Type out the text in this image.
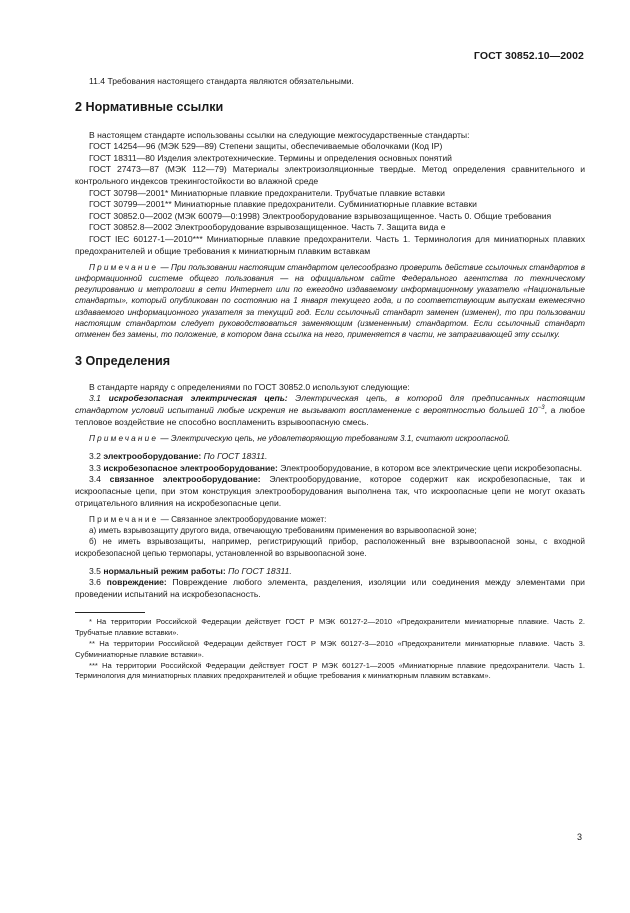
ГОСТ 30852.10—2002
11.4 Требования настоящего стандарта являются обязательными.
2 Нормативные ссылки
В настоящем стандарте использованы ссылки на следующие межгосударственные стандарты:
ГОСТ 14254—96 (МЭК 529—89) Степени защиты, обеспечиваемые оболочками (Код IP)
ГОСТ 18311—80 Изделия электротехнические. Термины и определения основных понятий
ГОСТ 27473—87 (МЭК 112—79) Материалы электроизоляционные твердые. Метод определения сравнительного и контрольного индексов трекингостойкости во влажной среде
ГОСТ 30798—2001* Миниатюрные плавкие предохранители. Трубчатые плавкие вставки
ГОСТ 30799—2001** Миниатюрные плавкие предохранители. Субминиатюрные плавкие вставки
ГОСТ 30852.0—2002 (МЭК 60079—0:1998) Электрооборудование взрывозащищенное. Часть 0. Общие требования
ГОСТ 30852.8—2002 Электрооборудование взрывозащищенное. Часть 7. Защита вида е
ГОСТ IEC 60127-1—2010*** Миниатюрные плавкие предохранители. Часть 1. Терминология для миниатюрных плавких предохранителей и общие требования к миниатюрным плавким вставкам
Примечание — При пользовании настоящим стандартом целесообразно проверить действие ссылочных стандартов в информационной системе общего пользования — на официальном сайте Федерального агентства по техническому регулированию и метрологии в сети Интернет или по ежегодно издаваемому информационному указателю «Национальные стандарты», который опубликован по состоянию на 1 января текущего года, и по соответствующим выпускам ежемесячно издаваемого информационного указателя за текущий год. Если ссылочный стандарт заменен (изменен), то при пользовании настоящим стандартом следует руководствоваться заменяющим (измененным) стандартом. Если ссылочный стандарт отменен без замены, то положение, в котором дана ссылка на него, применяется в части, не затрагивающей эту ссылку.
3 Определения
В стандарте наряду с определениями по ГОСТ 30852.0 используют следующие:
3.1 искробезопасная электрическая цепь: Электрическая цепь, в которой для предписанных настоящим стандартом условий испытаний любые искрения не вызывают воспламенение с вероятностью большей $10^{-3}$, а любое тепловое воздействие не способно воспламенить взрывоопасную смесь.
Примечание — Электрическую цепь, не удовлетворяющую требованиям 3.1, считают искроопасной.
3.2 электрооборудование: По ГОСТ 18311.
3.3 искробезопасное электрооборудование: Электрооборудование, в котором все электрические цепи искробезопасны.
3.4 связанное электрооборудование: Электрооборудование, которое содержит как искробезопасные, так и искроопасные цепи, при этом конструкция электрооборудования выполнена так, что искроопасные цепи не могут оказать отрицательного влияния на искробезопасные цепи.
Примечание — Связанное электрооборудование может:
а) иметь взрывозащиту другого вида, отвечающую требованиям применения во взрывоопасной зоне;
б) не иметь взрывозащиты, например, регистрирующий прибор, расположенный вне взрывоопасной зоны, с входной искробезопасной цепью термопары, установленной во взрывоопасной зоне.
3.5 нормальный режим работы: По ГОСТ 18311.
3.6 повреждение: Повреждение любого элемента, разделения, изоляции или соединения между элементами при проведении испытаний на искробезопасность.
* На территории Российской Федерации действует ГОСТ Р МЭК 60127-2—2010 «Предохранители миниатюрные плавкие. Часть 2. Трубчатые плавкие вставки».
** На территории Российской Федерации действует ГОСТ Р МЭК 60127-3—2010 «Предохранители миниатюрные плавкие. Часть 3. Субминиатюрные плавкие вставки».
*** На территории Российской Федерации действует ГОСТ Р МЭК 60127-1—2005 «Миниатюрные плавкие предохранители. Часть 1. Терминология для миниатюрных плавких предохранителей и общие требования к миниатюрным плавким вставкам».
3
